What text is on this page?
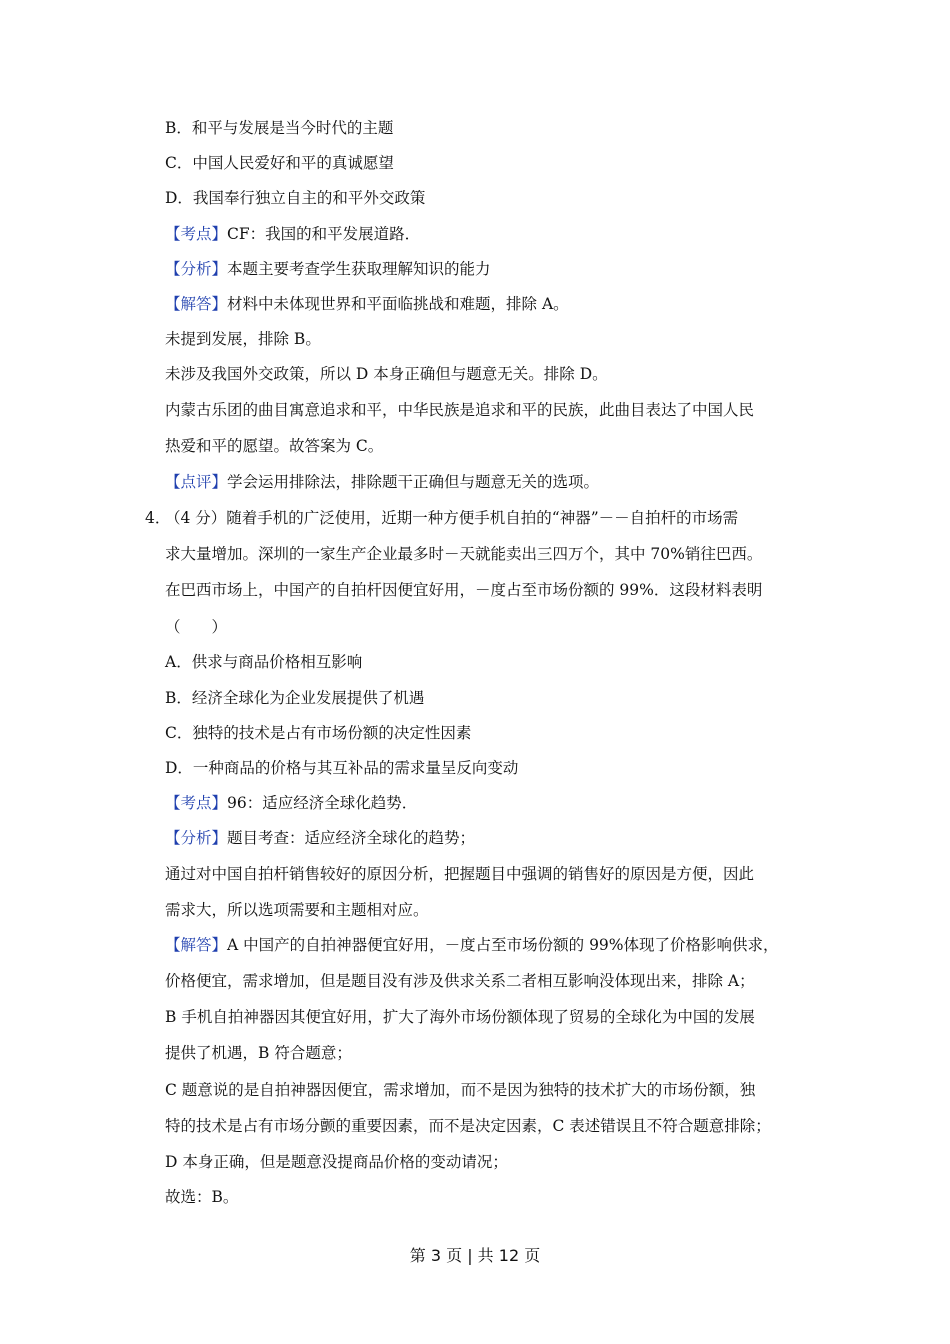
B．和平与发展是当今时代的主题
C．中国人民爱好和平的真诚愿望
D．我国奉行独立自主的和平外交政策
【考点】CF：我国的和平发展道路．
【分析】本题主要考查学生获取理解知识的能力
【解答】材料中未体现世界和平面临挑战和难题，排除 A。
未提到发展，排除 B。
未涉及我国外交政策，所以 D 本身正确但与题意无关。排除 D。
内蒙古乐团的曲目寓意追求和平，中华民族是追求和平的民族，此曲目表达了中国人民
热爱和平的愿望。故答案为 C。
【点评】学会运用排除法，排除题干正确但与题意无关的选项。
4．
（4 分）随着手机的广泛使用，近期一种方便手机自拍的“神器”－－自拍杆的市场需
求大量增加。深圳的一家生产企业最多时－天就能卖出三四万个，其中 70%销往巴西。
在巴西市场上，中国产的自拍杆因便宜好用，－度占至市场份额的 99%．这段材料表明
（　　）
A．供求与商品价格相互影响
B．经济全球化为企业发展提供了机遇
C．独特的技术是占有市场份额的决定性因素
D．一种商品的价格与其互补品的需求量呈反向变动
【考点】96：适应经济全球化趋势．
【分析】题目考查：适应经济全球化的趋势；
通过对中国自拍杆销售较好的原因分析，把握题目中强调的销售好的原因是方便，因此
需求大，所以选项需要和主题相对应。
【解答】A 中国产的自拍神器便宜好用，－度占至市场份额的 99%体现了价格影响供求，
价格便宜，需求增加，但是题目没有涉及供求关系二者相互影响没体现出来，排除 A；
B 手机自拍神器因其便宜好用，扩大了海外市场份额体现了贸易的全球化为中国的发展
提供了机遇，B 符合题意；
C 题意说的是自拍神器因便宜，需求增加，而不是因为独特的技术扩大的市场份额，独
特的技术是占有市场分颤的重要因素，而不是决定因素，C 表述错误且不符合题意排除；
D 本身正确，但是题意没提商品价格的变动请况；
故选：B。
第 3 页 | 共 12 页
